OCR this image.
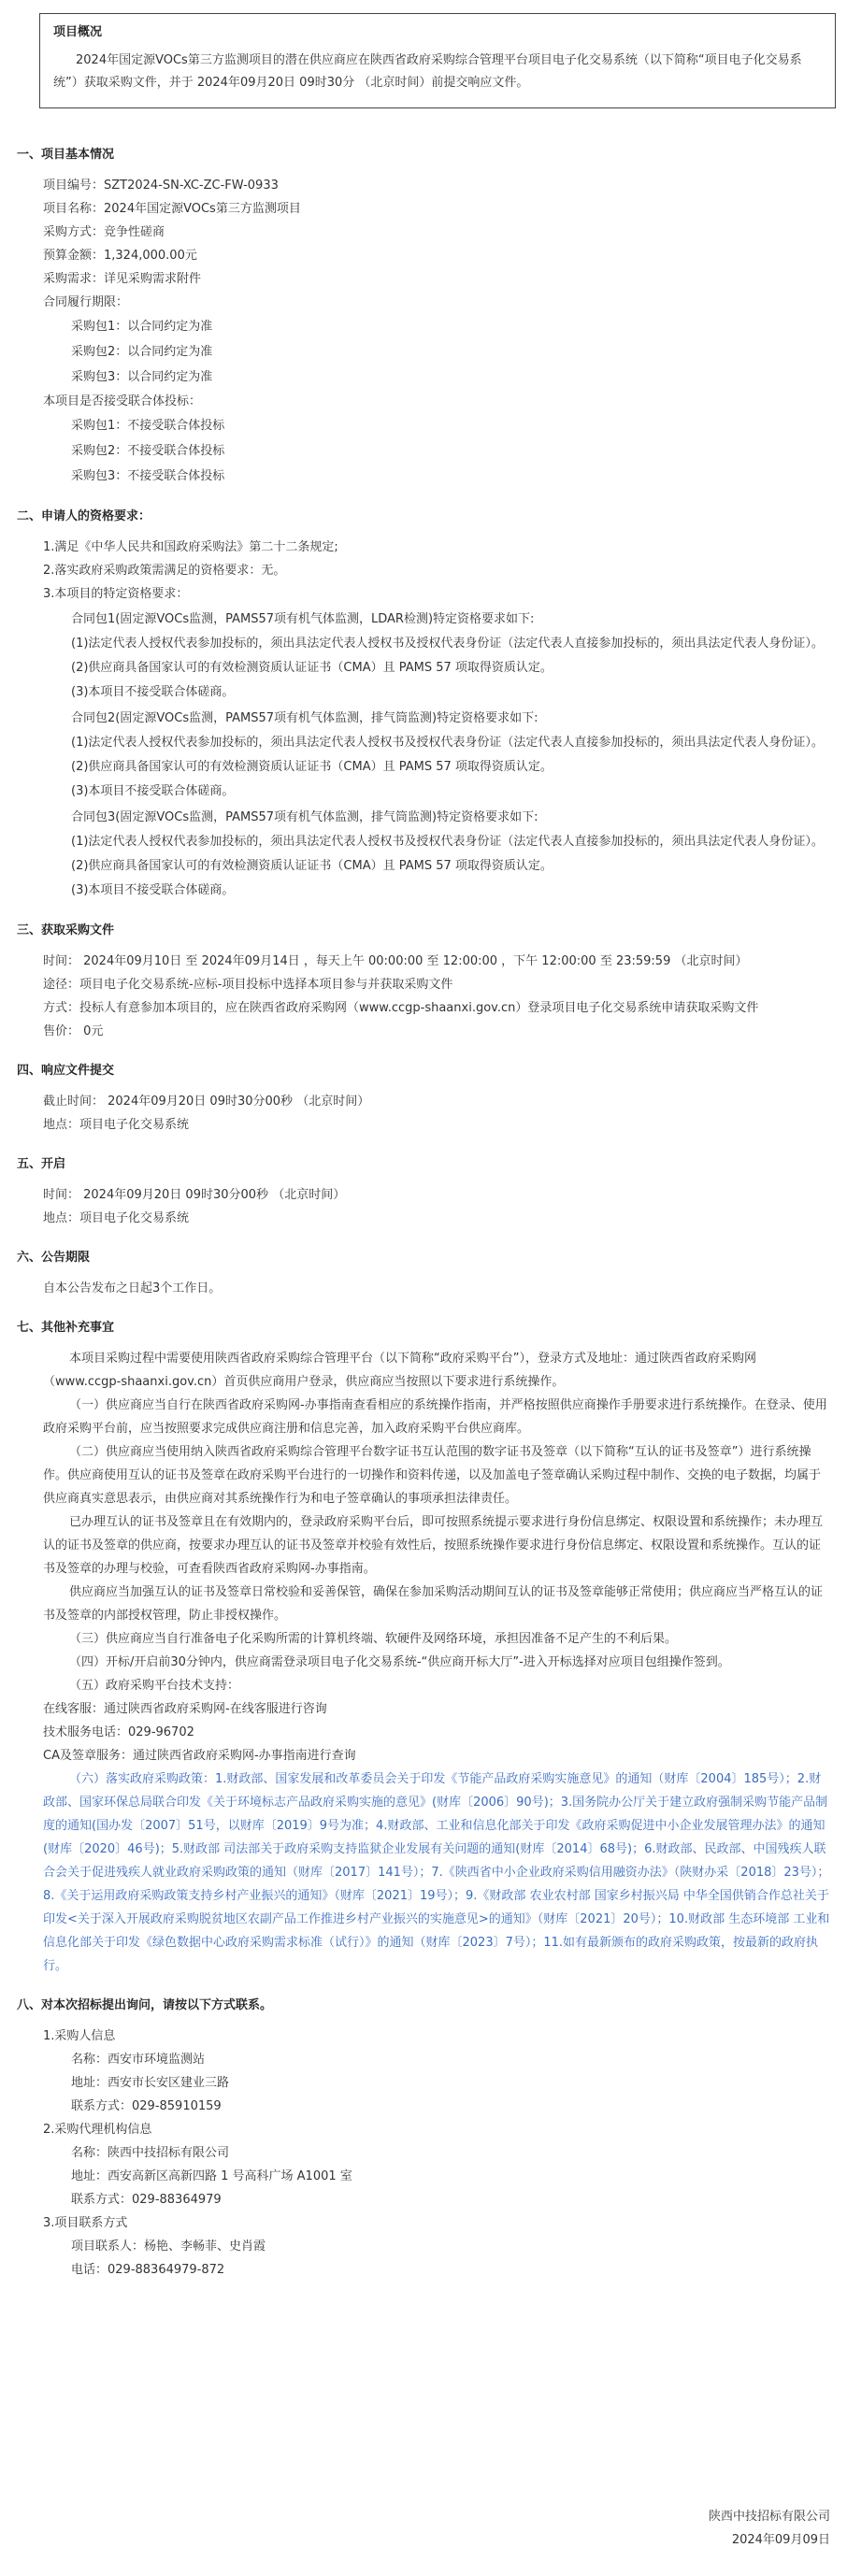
项目概况
2024年国定源VOCs第三方监测项目的潜在供应商应在陕西省政府采购综合管理平台项目电子化交易系统（以下简称“项目电子化交易系统”）获取采购文件，并于 2024年09月20日 09时30分 （北京时间）前提交响应文件。
一、项目基本情况
项目编号：SZT2024-SN-XC-ZC-FW-0933
项目名称：2024年国定源VOCs第三方监测项目
采购方式：竞争性磋商
预算金额：1,324,000.00元
采购需求：详见采购需求附件
合同履行期限：
采购包1：以合同约定为准
采购包2：以合同约定为准
采购包3：以合同约定为准
本项目是否接受联合体投标：
采购包1：不接受联合体投标
采购包2：不接受联合体投标
采购包3：不接受联合体投标
二、申请人的资格要求：
1.满足《中华人民共和国政府采购法》第二十二条规定;
2.落实政府采购政策需满足的资格要求：无。
3.本项目的特定资格要求：
合同包1(固定源VOCs监测，PAMS57项有机气体监测，LDAR检测)特定资格要求如下:
(1)法定代表人授权代表参加投标的，须出具法定代表人授权书及授权代表身份证（法定代表人直接参加投标的，须出具法定代表人身份证）。
(2)供应商具备国家认可的有效检测资质认证证书（CMA）且 PAMS 57 项取得资质认定。
(3)本项目不接受联合体磋商。
合同包2(固定源VOCs监测，PAMS57项有机气体监测，排气筒监测)特定资格要求如下:
(1)法定代表人授权代表参加投标的，须出具法定代表人授权书及授权代表身份证（法定代表人直接参加投标的，须出具法定代表人身份证）。
(2)供应商具备国家认可的有效检测资质认证证书（CMA）且 PAMS 57 项取得资质认定。
(3)本项目不接受联合体磋商。
合同包3(固定源VOCs监测，PAMS57项有机气体监测，排气筒监测)特定资格要求如下:
(1)法定代表人授权代表参加投标的，须出具法定代表人授权书及授权代表身份证（法定代表人直接参加投标的，须出具法定代表人身份证）。
(2)供应商具备国家认可的有效检测资质认证证书（CMA）且 PAMS 57 项取得资质认定。
(3)本项目不接受联合体磋商。
三、获取采购文件
时间： 2024年09月10日 至 2024年09月14日 ，每天上午 00:00:00 至 12:00:00 ，下午 12:00:00 至 23:59:59 （北京时间）
途径：项目电子化交易系统-应标-项目投标中选择本项目参与并获取采购文件
方式：投标人有意参加本项目的，应在陕西省政府采购网（www.ccgp-shaanxi.gov.cn）登录项目电子化交易系统申请获取采购文件
售价： 0元
四、响应文件提交
截止时间： 2024年09月20日 09时30分00秒 （北京时间）
地点：项目电子化交易系统
五、开启
时间： 2024年09月20日 09时30分00秒 （北京时间）
地点：项目电子化交易系统
六、公告期限
自本公告发布之日起3个工作日。
七、其他补充事宜
本项目采购过程中需要使用陕西省政府采购综合管理平台（以下简称“政府采购平台”），登录方式及地址：通过陕西省政府采购网（www.ccgp-shaanxi.gov.cn）首页供应商用户登录，供应商应当按照以下要求进行系统操作。
（一）供应商应当自行在陕西省政府采购网-办事指南查看相应的系统操作指南，并严格按照供应商操作手册要求进行系统操作。在登录、使用政府采购平台前，应当按照要求完成供应商注册和信息完善，加入政府采购平台供应商库。
（二）供应商应当使用纳入陕西省政府采购综合管理平台数字证书互认范围的数字证书及签章（以下简称“互认的证书及签章”）进行系统操作。供应商使用互认的证书及签章在政府采购平台进行的一切操作和资料传递，以及加盖电子签章确认采购过程中制作、交换的电子数据，均属于供应商真实意思表示，由供应商对其系统操作行为和电子签章确认的事项承担法律责任。
已办理互认的证书及签章且在有效期内的，登录政府采购平台后，即可按照系统提示要求进行身份信息绑定、权限设置和系统操作；未办理互认的证书及签章的供应商，按要求办理互认的证书及签章并校验有效性后，按照系统操作要求进行身份信息绑定、权限设置和系统操作。互认的证书及签章的办理与校验，可查看陕西省政府采购网-办事指南。
供应商应当加强互认的证书及签章日常校验和妥善保管，确保在参加采购活动期间互认的证书及签章能够正常使用；供应商应当严格互认的证书及签章的内部授权管理，防止非授权操作。
（三）供应商应当自行准备电子化采购所需的计算机终端、软硬件及网络环境，承担因准备不足产生的不利后果。
（四）开标/开启前30分钟内，供应商需登录项目电子化交易系统-“供应商开标大厅”-进入开标选择对应项目包组操作签到。
（五）政府采购平台技术支持：
在线客服：通过陕西省政府采购网-在线客服进行咨询
技术服务电话：029-96702
CA及签章服务：通过陕西省政府采购网-办事指南进行查询
（六）落实政府采购政策：1.财政部、国家发展和改革委员会关于印发《节能产品政府采购实施意见》的通知（财库〔2004〕185号）；2.财政部、国家环保总局联合印发《关于环境标志产品政府采购实施的意见》(财库〔2006〕90号)；3.国务院办公厅关于建立政府强制采购节能产品制度的通知(国办发〔2007〕51号，以财库〔2019〕9号为准；4.财政部、工业和信息化部关于印发《政府采购促进中小企业发展管理办法》的通知(财库〔2020〕46号)；5.财政部 司法部关于政府采购支持监狱企业发展有关问题的通知(财库〔2014〕68号)；6.财政部、民政部、中国残疾人联合会关于促进残疾人就业政府采购政策的通知（财库〔2017〕141号）；7.《陕西省中小企业政府采购信用融资办法》（陕财办采〔2018〕23号）；8.《关于运用政府采购政策支持乡村产业振兴的通知》（财库〔2021〕19号）；9.《财政部 农业农村部 国家乡村振兴局 中华全国供销合作总社关于印发<关于深入开展政府采购脱贫地区农副产品工作推进乡村产业振兴的实施意见>的通知》（财库〔2021〕20号）；10.财政部 生态环境部 工业和信息化部关于印发《绿色数据中心政府采购需求标准（试行）》的通知（财库〔2023〕7号）；11.如有最新颁布的政府采购政策，按最新的政府执行。
八、对本次招标提出询问，请按以下方式联系。
1.采购人信息
名称：西安市环境监测站
地址：西安市长安区建业三路
联系方式：029-85910159
2.采购代理机构信息
名称：陕西中技招标有限公司
地址：西安高新区高新四路 1 号高科广场 A1001 室
联系方式：029-88364979
3.项目联系方式
项目联系人：杨艳、李畅菲、史肖霞
电话：029-88364979-872
陕西中技招标有限公司
2024年09月09日
